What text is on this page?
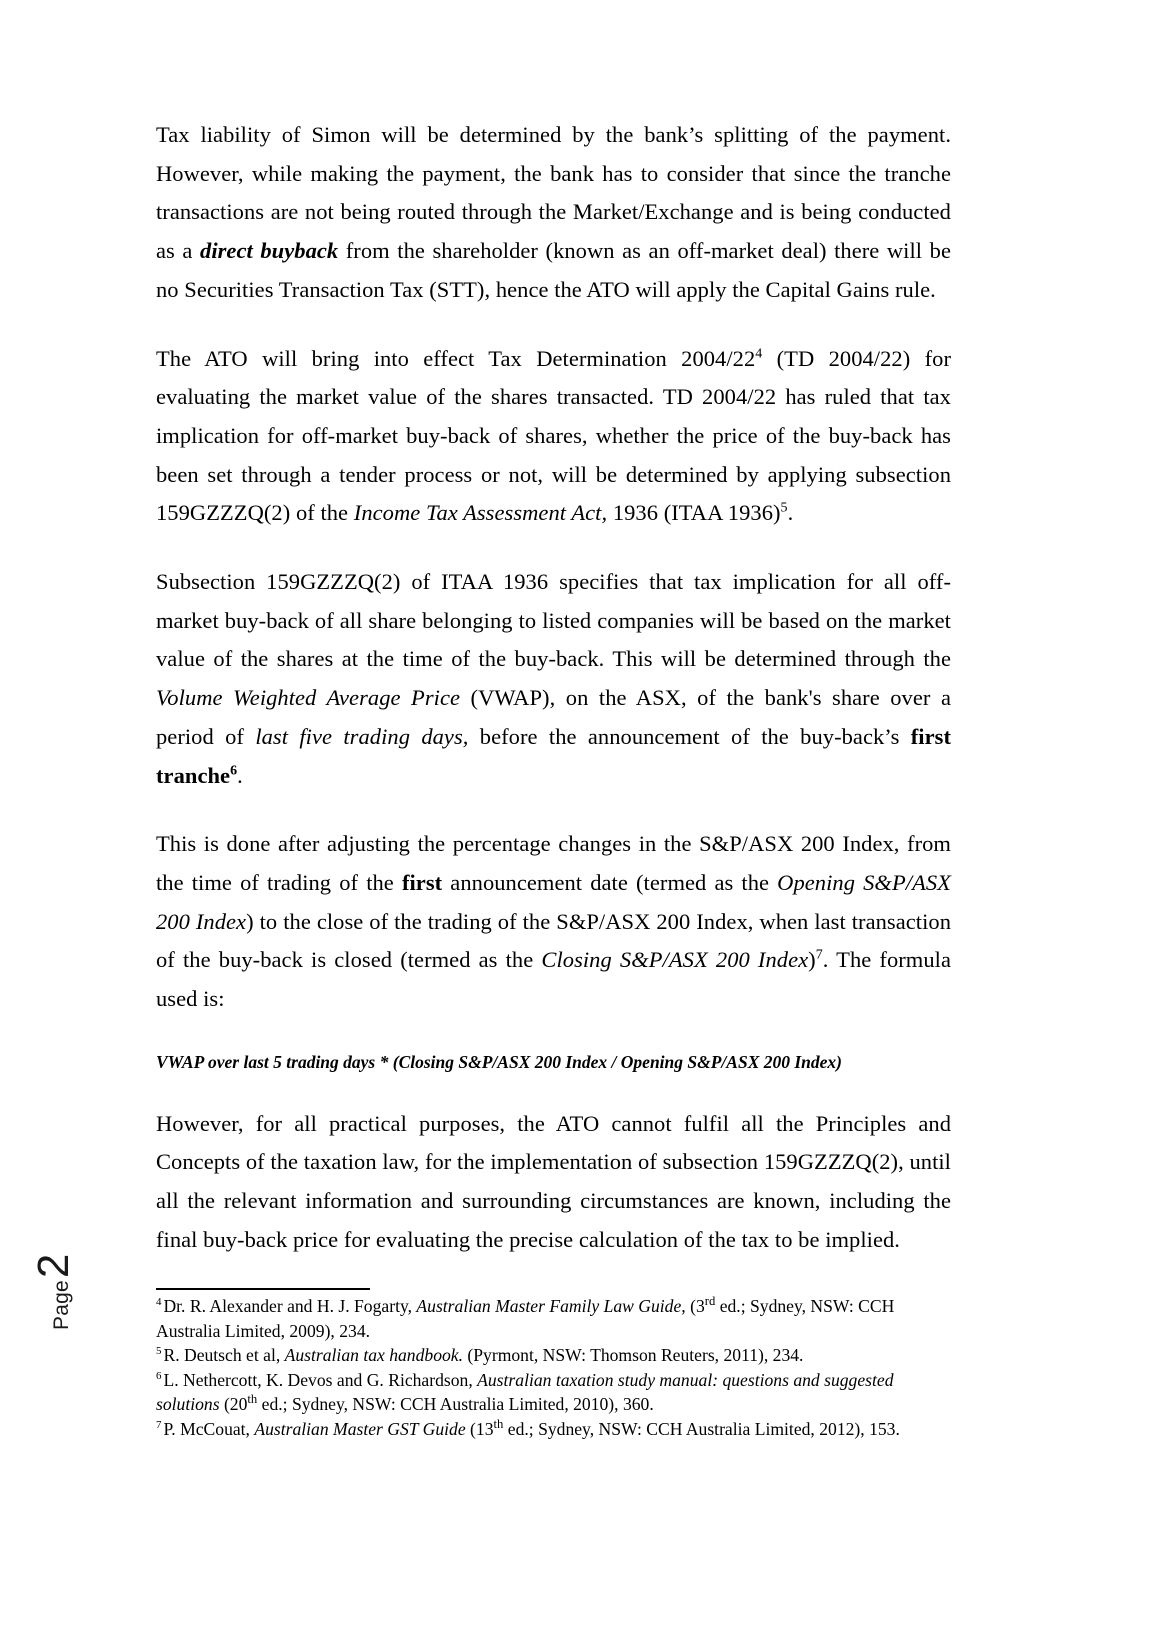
Page
2

Tax liability of Simon will be determined by the bank’s splitting of the payment. However, while making the payment, the bank has to consider that since the tranche transactions are not being routed through the Market/Exchange and is being conducted as a direct buyback from the shareholder (known as an off-market deal) there will be no Securities Transaction Tax (STT), hence the ATO will apply the Capital Gains rule.

The ATO will bring into effect Tax Determination 2004/22$^4$ (TD 2004/22) for evaluating the market value of the shares transacted. TD 2004/22 has ruled that tax implication for off-market buy-back of shares, whether the price of the buy-back has been set through a tender process or not, will be determined by applying subsection 159GZZZQ(2) of the Income Tax Assessment Act, 1936 (ITAA 1936)$^5$.

Subsection 159GZZZQ(2) of ITAA 1936 specifies that tax implication for all off-market buy-back of all share belonging to listed companies will be based on the market value of the shares at the time of the buy-back. This will be determined through the Volume Weighted Average Price (VWAP), on the ASX, of the bank's share over a period of last five trading days, before the announcement of the buy-back’s first tranche$^6$.

This is done after adjusting the percentage changes in the S&P/ASX 200 Index, from the time of trading of the first announcement date (termed as the Opening S&P/ASX 200 Index) to the close of the trading of the S&P/ASX 200 Index, when last transaction of the buy-back is closed (termed as the Closing S&P/ASX 200 Index)$^7$. The formula used is:

VWAP over last 5 trading days * (Closing S&P/ASX 200 Index / Opening S&P/ASX 200 Index)

However, for all practical purposes, the ATO cannot fulfil all the Principles and Concepts of the taxation law, for the implementation of subsection 159GZZZQ(2), until all the relevant information and surrounding circumstances are known, including the final buy-back price for evaluating the precise calculation of the tax to be implied.

$^4$ Dr. R. Alexander and H. J. Fogarty, Australian Master Family Law Guide, (3rd ed.; Sydney, NSW: CCH Australia Limited, 2009), 234.

$^5$ R. Deutsch et al, Australian tax handbook. (Pyrmont, NSW: Thomson Reuters, 2011), 234.

$^6$ L. Nethercott, K. Devos and G. Richardson, Australian taxation study manual: questions and suggested solutions (20th ed.; Sydney, NSW: CCH Australia Limited, 2010), 360.

$^7$ P. McCouat, Australian Master GST Guide (13th ed.; Sydney, NSW: CCH Australia Limited, 2012), 153.
